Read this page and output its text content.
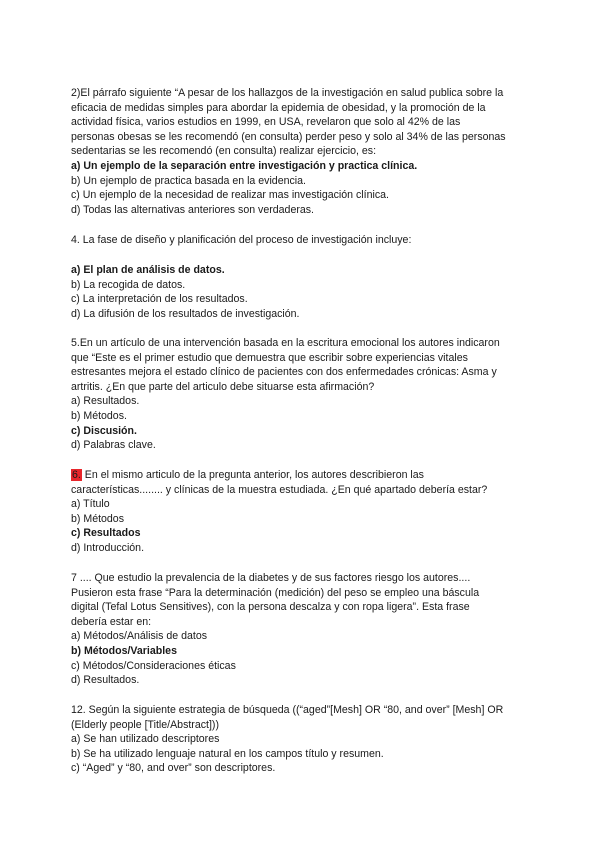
2)El párrafo siguiente “A pesar de los hallazgos de la investigación en salud publica sobre la
eficacia de medidas simples para abordar la epidemia de obesidad, y la promoción de la
actividad física, varios estudios en 1999, en USA, revelaron que solo al 42% de las
personas obesas se les recomendó (en consulta) perder peso y solo al 34% de las personas
sedentarias se les recomendó (en consulta) realizar ejercicio, es:
a) Un ejemplo de la separación entre investigación y practica clínica.
b) Un ejemplo de practica basada en la evidencia.
c) Un ejemplo de la necesidad de realizar mas investigación clínica.
d) Todas las alternativas anteriores son verdaderas.
4. La fase de diseño y planificación del proceso de investigación incluye:
a) El plan de análisis de datos.
b) La recogida de datos.
c) La interpretación de los resultados.
d) La difusión de los resultados de investigación.
5.En un artículo de una intervención basada en la escritura emocional los autores indicaron
que “Este es el primer estudio que demuestra que escribir sobre experiencias vitales
estresantes mejora el estado clínico de pacientes con dos enfermedades crónicas: Asma y
artritis. ¿En que parte del articulo debe situarse esta afirmación?
a) Resultados.
b) Métodos.
c) Discusión.
d) Palabras clave.
6. En el mismo articulo de la pregunta anterior, los autores describieron las
características........ y clínicas de la muestra estudiada. ¿En qué apartado debería estar?
a) Título
b) Métodos
c) Resultados
d) Introducción.
7 .... Que estudio la prevalencia de la diabetes y de sus factores riesgo los autores....
Pusieron esta frase “Para la determinación (medición) del peso se empleo una báscula
digital (Tefal Lotus Sensitives), con la persona descalza y con ropa ligera”. Esta frase
debería estar en:
a) Métodos/Análisis de datos
b) Métodos/Variables
c) Métodos/Consideraciones éticas
d) Resultados.
12. Según la siguiente estrategia de búsqueda ((“aged”[Mesh] OR “80, and over” [Mesh] OR
(Elderly people [Title/Abstract]))
a) Se han utilizado descriptores
b) Se ha utilizado lenguaje natural en los campos título y resumen.
c) “Aged” y “80, and over” son descriptores.
